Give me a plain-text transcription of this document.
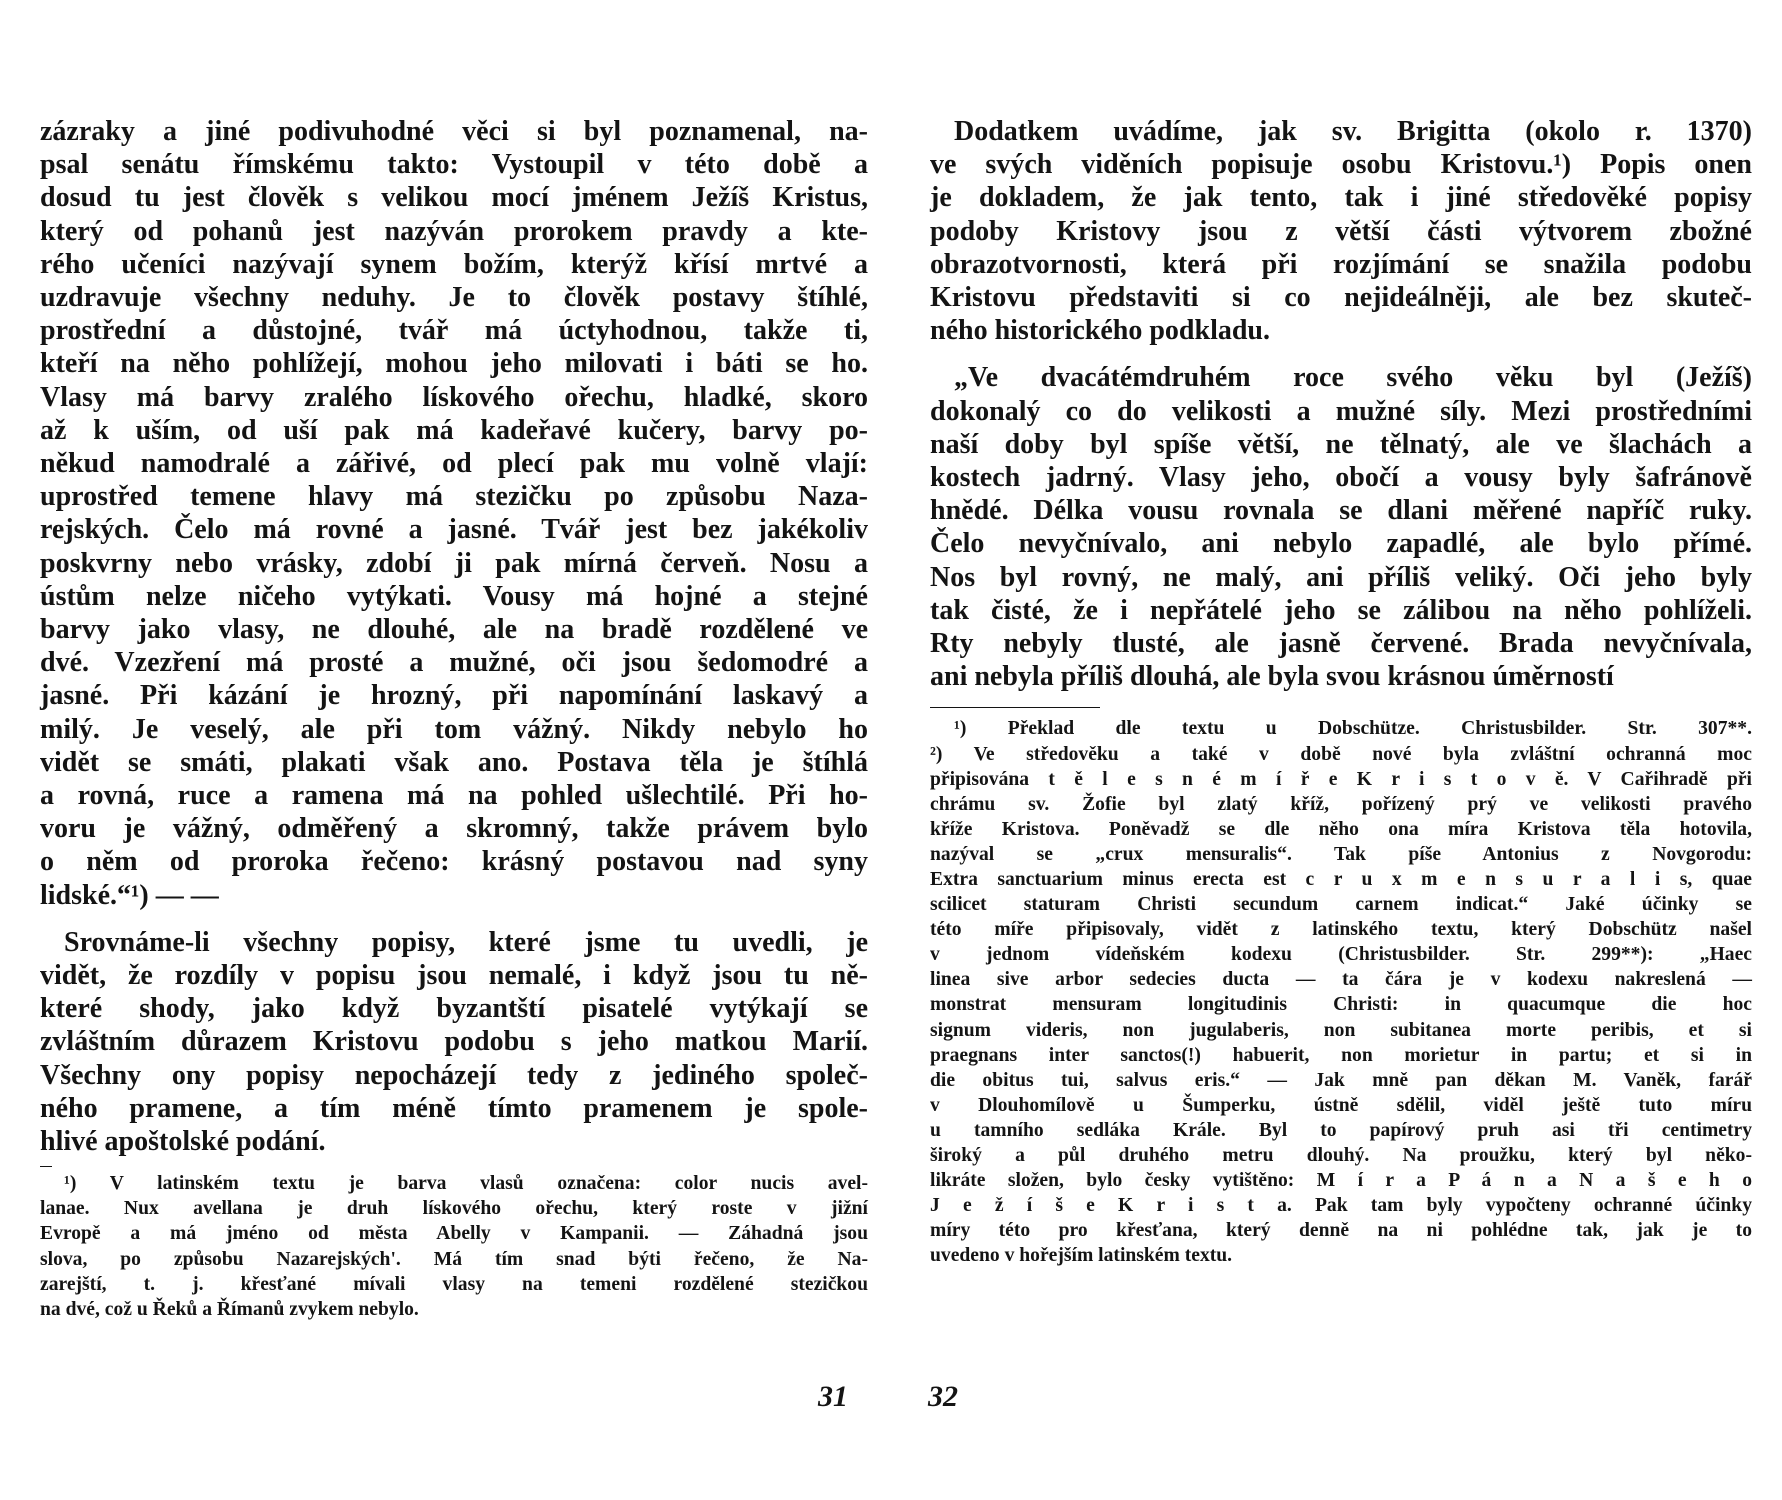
zázraky a jiné podivuhodné věci si byl poznamenal, na-
psal senátu římskému takto: Vystoupil v této době a
dosud tu jest člověk s velikou mocí jménem Ježíš Kristus,
který od pohanů jest nazýván prorokem pravdy a kte-
rého učeníci nazývají synem božím, kterýž křísí mrtvé a
uzdravuje všechny neduhy. Je to člověk postavy štíhlé,
prostřední a důstojné, tvář má úctyhodnou, takže ti,
kteří na něho pohlížejí, mohou jeho milovati i báti se ho.
Vlasy má barvy zralého lískového ořechu, hladké, skoro
až k uším, od uší pak má kadeřavé kučery, barvy po-
někud namodralé a zářivé, od plecí pak mu volně vlají:
uprostřed temene hlavy má stezičku po způsobu Naza-
rejských. Čelo má rovné a jasné. Tvář jest bez jakékoliv
poskvrny nebo vrásky, zdobí ji pak mírná červeň. Nosu a
ústům nelze ničeho vytýkati. Vousy má hojné a stejné
barvy jako vlasy, ne dlouhé, ale na bradě rozdělené ve
dvé. Vzezření má prosté a mužné, oči jsou šedomodré a
jasné. Při kázání je hrozný, při napomínání laskavý a
milý. Je veselý, ale při tom vážný. Nikdy nebylo ho
vidět se smáti, plakati však ano. Postava těla je štíhlá
a rovná, ruce a ramena má na pohled ušlechtilé. Při ho-
voru je vážný, odměřený a skromný, takže právem bylo
o něm od proroka řečeno: krásný postavou nad syny
lidské.“¹) — —
Srovnáme-li všechny popisy, které jsme tu uvedli, je
vidět, že rozdíly v popisu jsou nemalé, i když jsou tu ně-
které shody, jako když byzantští pisatelé vytýkají se
zvláštním důrazem Kristovu podobu s jeho matkou Marií.
Všechny ony popisy nepocházejí tedy z jediného společ-
ného pramene, a tím méně tímto pramenem je spole-
hlivé apoštolské podání.
¹) V latinském textu je barva vlasů označena: color nucis avel-
lanae. Nux avellana je druh lískového ořechu, který roste v jižní
Evropě a má jméno od města Abelly v Kampanii. — Záhadná jsou
slova, po způsobu Nazarejských'. Má tím snad býti řečeno, že Na-
zarejští, t. j. křesťané mívali vlasy na temeni rozdělené stezičkou
na dvé, což u Řeků a Římanů zvykem nebylo.
Dodatkem uvádíme, jak sv. Brigitta (okolo r. 1370)
ve svých viděních popisuje osobu Kristovu.¹) Popis onen
je dokladem, že jak tento, tak i jiné středověké popisy
podoby Kristovy jsou z větší části výtvorem zbožné
obrazotvornosti, která při rozjímání se snažila podobu
Kristovu představiti si co nejideálněji, ale bez skuteč-
ného historického podkladu.
„Ve dvacátémdruhém roce svého věku byl (Ježíš)
dokonalý co do velikosti a mužné síly. Mezi prostředními
naší doby byl spíše větší, ne tělnatý, ale ve šlachách a
kostech jadrný. Vlasy jeho, obočí a vousy byly šafránově
hnědé. Délka vousu rovnala se dlani měřené napříč ruky.
Čelo nevyčnívalo, ani nebylo zapadlé, ale bylo přímé.
Nos byl rovný, ne malý, ani příliš veliký. Oči jeho byly
tak čisté, že i nepřátelé jeho se zálibou na něho pohlíželi.
Rty nebyly tlusté, ale jasně červené. Brada nevyčnívala,
ani nebyla příliš dlouhá, ale byla svou krásnou úměrností
¹) Překlad dle textu u Dobschütze. Christusbilder. Str. 307**.
²) Ve středověku a také v době nové byla zvláštní ochranná moc
připisována t ě l e s n é m í ř e K r i s t o v ě. V Cařihradě při
chrámu sv. Žofie byl zlatý kříž, pořízený prý ve velikosti pravého
kříže Kristova. Poněvadž se dle něho ona míra Kristova těla hotovila,
nazýval se „crux mensuralis“. Tak píše Antonius z Novgorodu:
Extra sanctuarium minus erecta est c r u x m e n s u r a l i s, quae
scilicet staturam Christi secundum carnem indicat.“ Jaké účinky se
této míře připisovaly, vidět z latinského textu, který Dobschütz našel
v jednom vídeňském kodexu (Christusbilder. Str. 299**): „Haec
linea sive arbor sedecies ducta — ta čára je v kodexu nakreslená —
monstrat mensuram longitudinis Christi: in quacumque die hoc
signum videris, non jugulaberis, non subitanea morte peribis, et si
praegnans inter sanctos(!) habuerit, non morietur in partu; et si in
die obitus tui, salvus eris.“ — Jak mně pan děkan M. Vaněk, farář
v Dlouhomílově u Šumperku, ústně sdělil, viděl ještě tuto míru
u tamního sedláka Krále. Byl to papírový pruh asi tři centimetry
široký a půl druhého metru dlouhý. Na proužku, který byl něko-
likráte složen, bylo česky vytištěno: M í r a P á n a N a š e h o
J e ž í š e K r i s t a. Pak tam byly vypočteny ochranné účinky
míry této pro křesťana, který denně na ni pohlédne tak, jak je to
uvedeno v hořejším latinském textu.
31	32
